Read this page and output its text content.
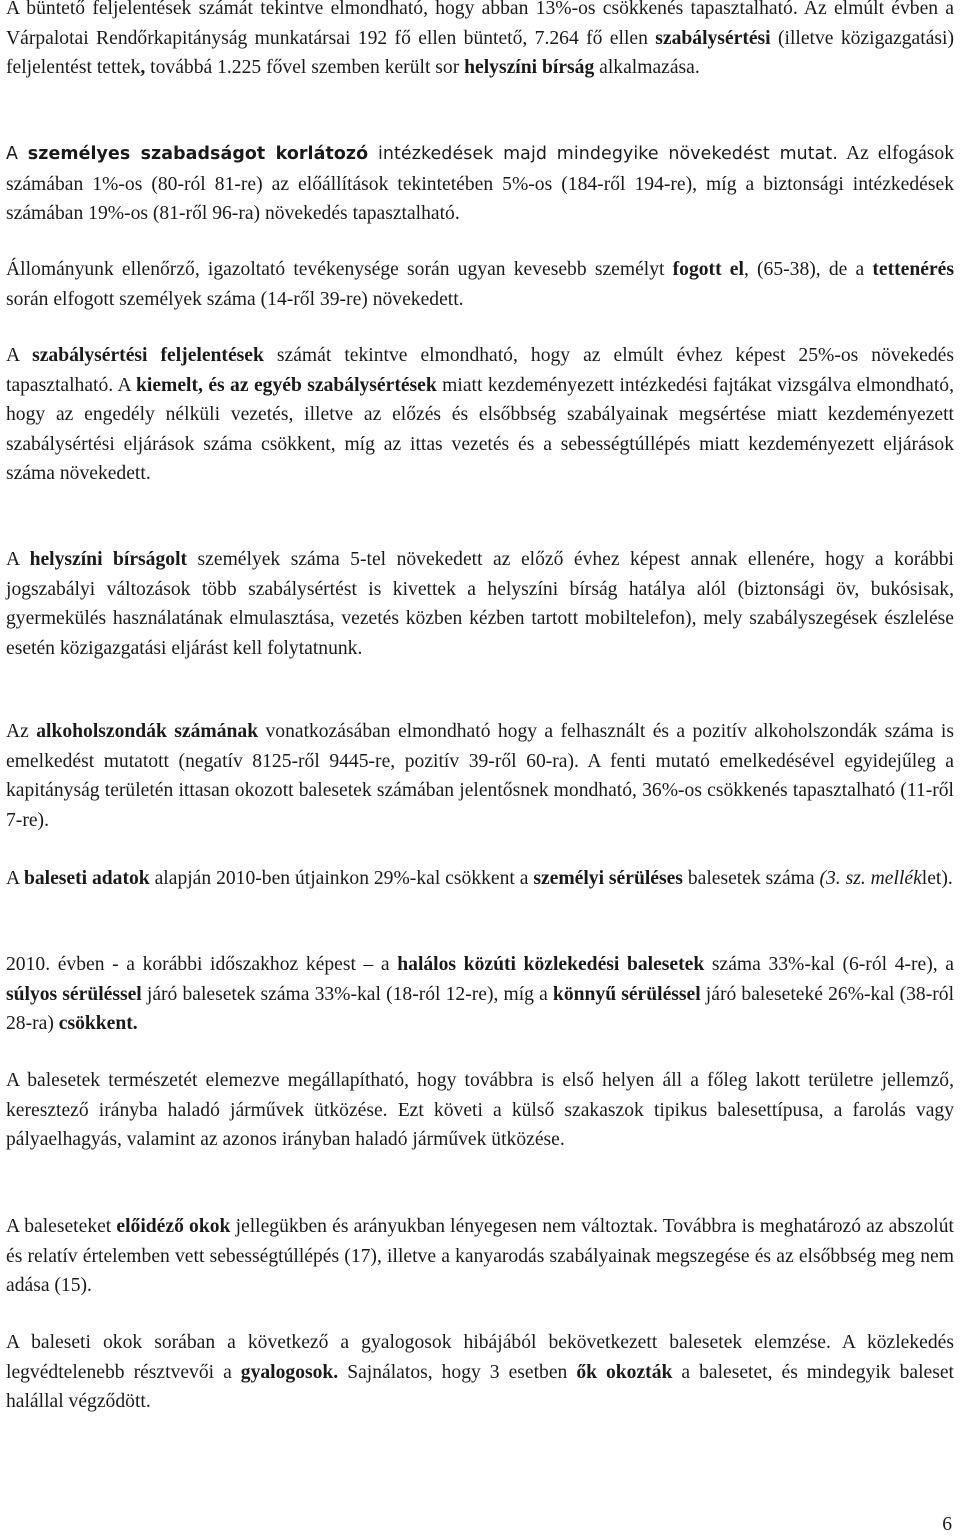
A büntető feljelentések számát tekintve elmondható, hogy abban 13%-os csökkenés tapasztalható. Az elmúlt évben a Várpalotai Rendőrkapitányság munkatársai 192 fő ellen büntető, 7.264 fő ellen szabálysértési (illetve közigazgatási) feljelentést tettek, továbbá 1.225 fővel szemben került sor helyszíni bírság alkalmazása.

A személyes szabadságot korlátozó intézkedések majd mindegyike növekedést mutat. Az elfogások számában 1%-os (80-ról 81-re) az előállítások tekintetében 5%-os (184-ről 194-re), míg a biztonsági intézkedések számában 19%-os (81-ről 96-ra) növekedés tapasztalható.

Állományunk ellenőrző, igazoltató tevékenysége során ugyan kevesebb személyt fogott el, (65-38), de a tettenérés során elfogott személyek száma (14-ről 39-re) növekedett.

A szabálysértési feljelentések számát tekintve elmondható, hogy az elmúlt évhez képest 25%-os növekedés tapasztalható. A kiemelt, és az egyéb szabálysértések miatt kezdeményezett intézkedési fajtákat vizsgálva elmondható, hogy az engedély nélküli vezetés, illetve az előzés és elsőbbség szabályainak megsértése miatt kezdeményezett szabálysértési eljárások száma csökkent, míg az ittas vezetés és a sebességtúllépés miatt kezdeményezett eljárások száma növekedett.

A helyszíni bírságolt személyek száma 5-tel növekedett az előző évhez képest annak ellenére, hogy a korábbi jogszabályi változások több szabálysértést is kivettek a helyszíni bírság hatálya alól (biztonsági öv, bukósisak, gyermekülés használatának elmulasztása, vezetés közben kézben tartott mobiltelefon), mely szabályszegések észlelése esetén közigazgatási eljárást kell folytatnunk.

Az alkoholszondák számának vonatkozásában elmondható hogy a felhasznált és a pozitív alkoholszondák száma is emelkedést mutatott (negatív 8125-ről 9445-re, pozitív 39-ről 60-ra). A fenti mutató emelkedésével egyidejűleg a kapitányság területén ittasan okozott balesetek számában jelentősnek mondható, 36%-os csökkenés tapasztalható (11-ről 7-re).

A baleseti adatok alapján 2010-ben útjainkon 29%-kal csökkent a személyi sérüléses balesetek száma (3. sz. melléklet).

2010. évben - a korábbi időszakhoz képest – a halálos közúti közlekedési balesetek száma 33%-kal (6-ról 4-re), a súlyos sérüléssel járó balesetek száma 33%-kal (18-ról 12-re), míg a könnyű sérüléssel járó baleseteké 26%-kal (38-ról 28-ra) csökkent.

A balesetek természetét elemezve megállapítható, hogy továbbra is első helyen áll a főleg lakott területre jellemző, keresztező irányba haladó járművek ütközése. Ezt követi a külső szakaszok tipikus balesettípusa, a farolás vagy pályaelhagyás, valamint az azonos irányban haladó járművek ütközése.

A baleseteket előidéző okok jellegükben és arányukban lényegesen nem változtak. Továbbra is meghatározó az abszolút és relatív értelemben vett sebességtúllépés (17), illetve a kanyarodás szabályainak megszegése és az elsőbbség meg nem adása (15).

A baleseti okok sorában a következő a gyalogosok hibájából bekövetkezett balesetek elemzése. A közlekedés legvédtelenebb résztvevői a gyalogosok. Sajnálatos, hogy 3 esetben ők okozták a balesetet, és mindegyik baleset halállal végződött.

6
